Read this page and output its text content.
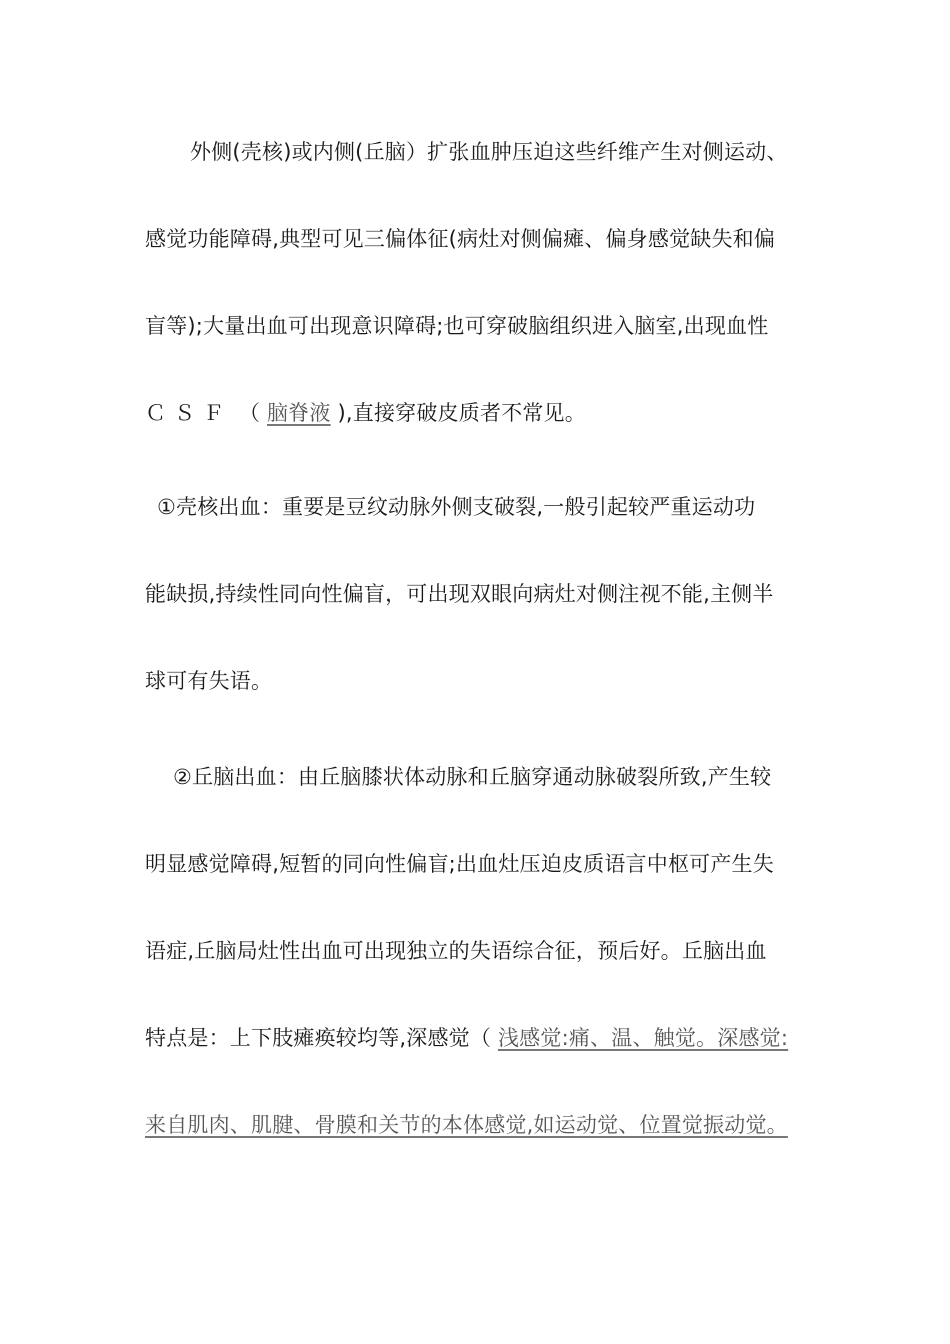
外侧(壳核)或内侧(丘脑）扩张血肿压迫这些纤维产生对侧运动、
感觉功能障碍,典型可见三偏体征(病灶对侧偏瘫、偏身感觉缺失和偏
盲等);大量出血可出现意识障碍;也可穿破脑组织进入脑室,出现血性
ＣＳＦ （ 脑脊液 ),直接穿破皮质者不常见。
①壳核出血：重要是豆纹动脉外侧支破裂,一般引起较严重运动功
能缺损,持续性同向性偏盲，可出现双眼向病灶对侧注视不能,主侧半
球可有失语。
②丘脑出血：由丘脑膝状体动脉和丘脑穿通动脉破裂所致,产生较
明显感觉障碍,短暂的同向性偏盲;出血灶压迫皮质语言中枢可产生失
语症,丘脑局灶性出血可出现独立的失语综合征，预后好。丘脑出血
特点是：上下肢瘫痪较均等,深感觉（ 浅感觉:痛、温、触觉。深感觉:
来自肌肉、肌腱、骨膜和关节的本体感觉,如运动觉、位置觉振动觉。
